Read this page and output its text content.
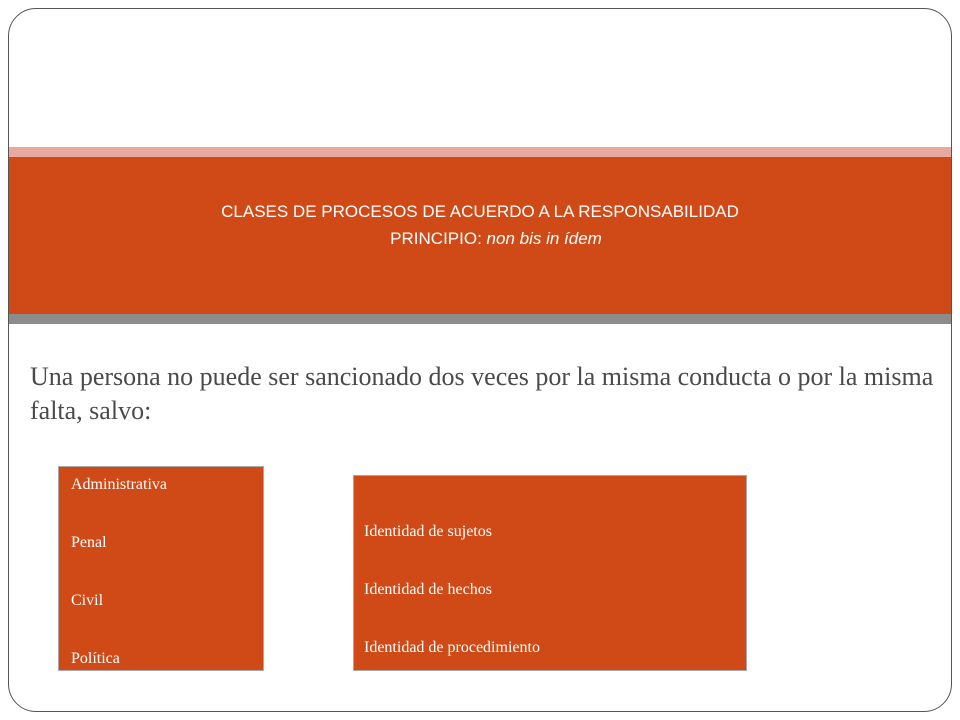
Administrativa
Penal
Civil
Política
Identidad de sujetos
Identidad de hechos
Identidad de procedimiento
CLASES DE PROCESOS DE ACUERDO A LA RESPONSABILIDAD
PRINCIPIO: non bis in ídem

Una persona no puede ser sancionado dos veces por la misma conducta o por la misma falta, salvo:
